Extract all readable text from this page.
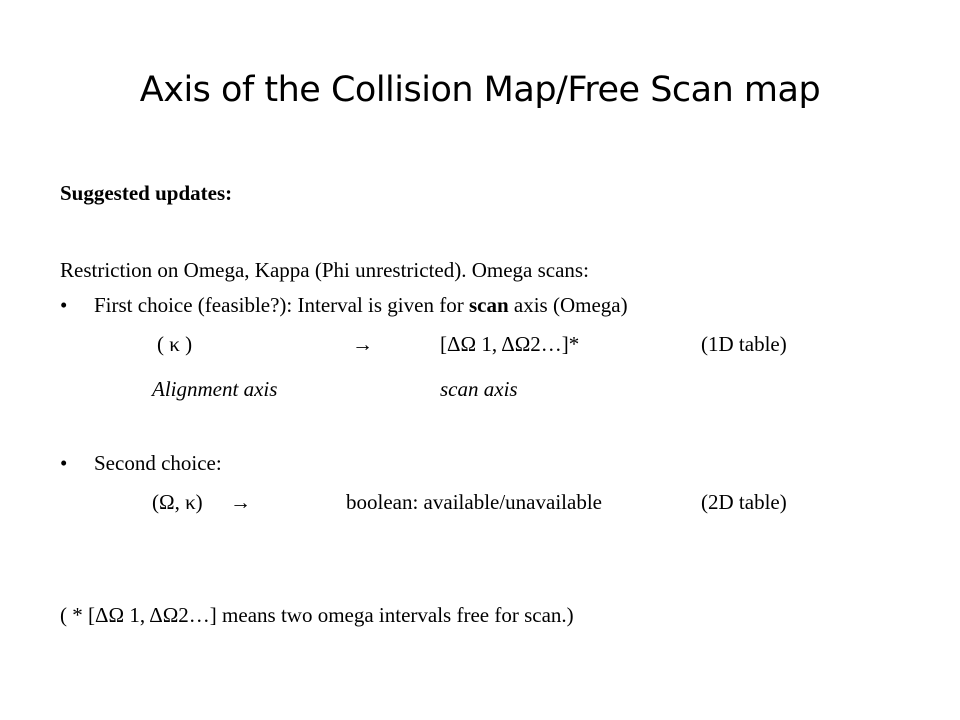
Axis of the Collision Map/Free Scan map
Suggested updates:
Restriction on Omega, Kappa (Phi unrestricted). Omega scans:
• First choice (feasible?): Interval is given for scan axis (Omega)
( κ )	→	[ΔΩ 1, ΔΩ2…]*	(1D table)
Alignment axis	scan axis
• Second choice:
(Ω, κ) →	boolean: available/unavailable	(2D table)
( * [ΔΩ 1, ΔΩ2…] means two omega intervals free for scan.)
